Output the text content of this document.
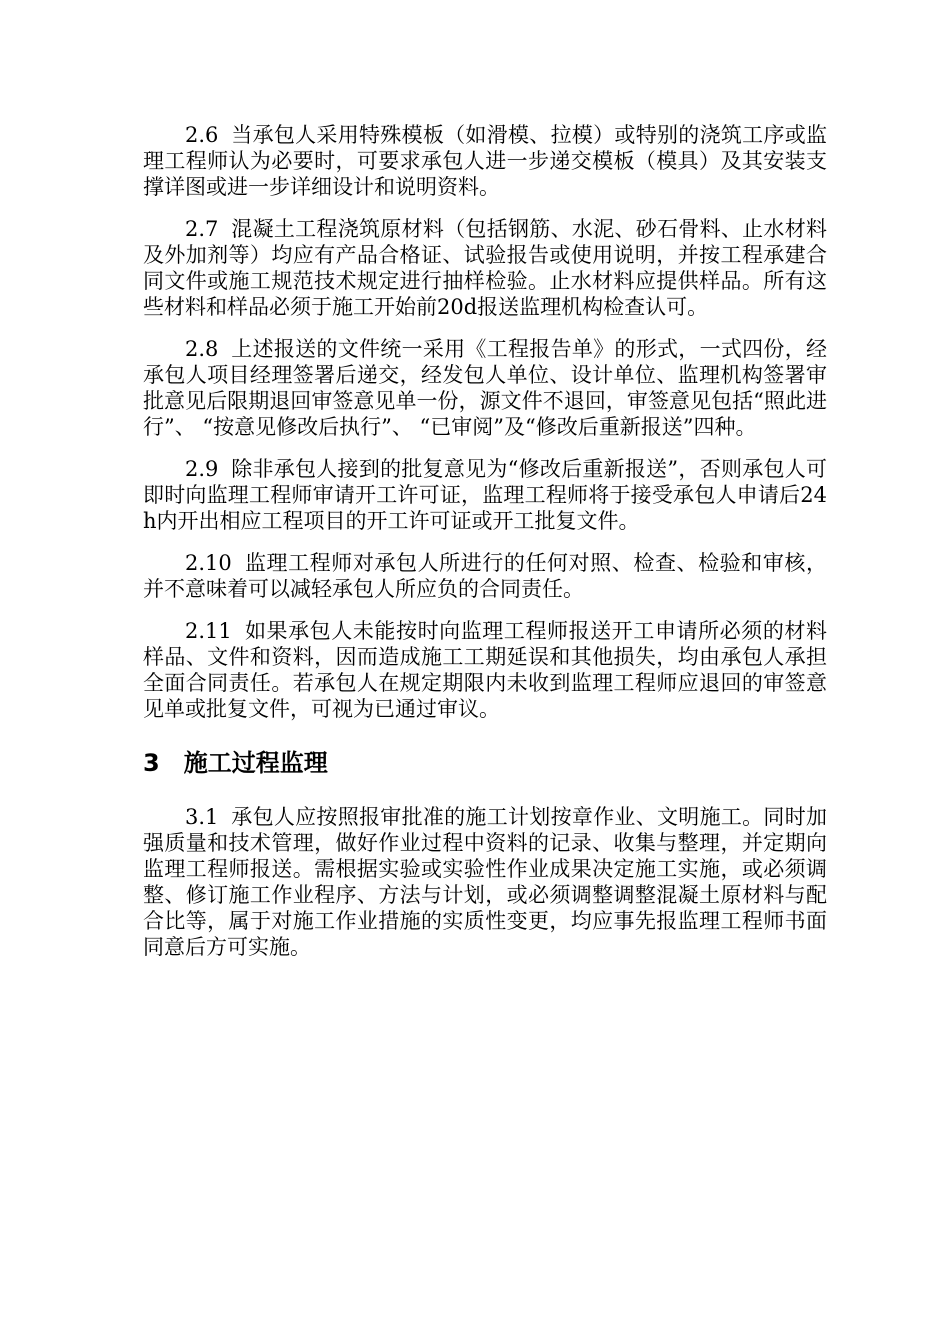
2.6 当承包人采用特殊模板（如滑模、拉模）或特别的浇筑工序或监理工程师认为必要时，可要求承包人进一步递交模板（模具）及其安装支撑详图或进一步详细设计和说明资料。

2.7 混凝土工程浇筑原材料（包括钢筋、水泥、砂石骨料、止水材料及外加剂等）均应有产品合格证、试验报告或使用说明，并按工程承建合同文件或施工规范技术规定进行抽样检验。止水材料应提供样品。所有这些材料和样品必须于施工开始前20d报送监理机构检查认可。

2.8 上述报送的文件统一采用《工程报告单》的形式，一式四份，经承包人项目经理签署后递交，经发包人单位、设计单位、监理机构签署审批意见后限期退回审签意见单一份，源文件不退回，审签意见包括“照此进行”、 “按意见修改后执行”、 “已审阅”及“修改后重新报送”四种。

2.9 除非承包人接到的批复意见为“修改后重新报送”，否则承包人可即时向监理工程师审请开工许可证，监理工程师将于接受承包人申请后24h内开出相应工程项目的开工许可证或开工批复文件。

2.10 监理工程师对承包人所进行的任何对照、检查、检验和审核，并不意味着可以减轻承包人所应负的合同责任。

2.11 如果承包人未能按时向监理工程师报送开工申请所必须的材料样品、文件和资料，因而造成施工工期延误和其他损失，均由承包人承担全面合同责任。若承包人在规定期限内未收到监理工程师应退回的审签意见单或批复文件，可视为已通过审议。

3 施工过程监理

3.1 承包人应按照报审批准的施工计划按章作业、文明施工。同时加强质量和技术管理，做好作业过程中资料的记录、收集与整理，并定期向监理工程师报送。需根据实验或实验性作业成果决定施工实施，或必须调整、修订施工作业程序、方法与计划，或必须调整调整混凝土原材料与配合比等，属于对施工作业措施的实质性变更，均应事先报监理工程师书面同意后方可实施。
